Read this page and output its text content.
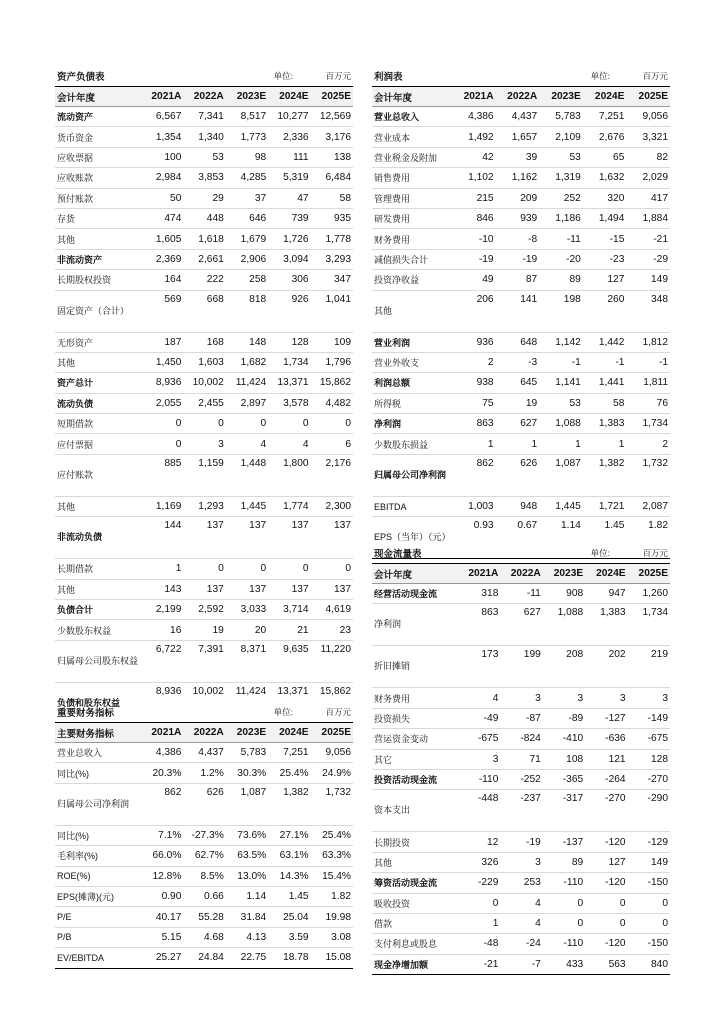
资产负债表	单位:	百万元
会计年度	2021A	2022A	2023E	2024E	2025E
流动资产	6,567	7,341	8,517	10,277	12,569
货币资金	1,354	1,340	1,773	2,336	3,176
应收票据	100	53	98	111	138
应收账款	2,984	3,853	4,285	5,319	6,484
预付账款	50	29	37	47	58
存货	474	448	646	739	935
其他	1,605	1,618	1,679	1,726	1,778
非流动资产	2,369	2,661	2,906	3,094	3,293
长期股权投资	164	222	258	306	347
固定资产（合计）	569	668	818	926	1,041
无形资产	187	168	148	128	109
其他	1,450	1,603	1,682	1,734	1,796
资产总计	8,936	10,002	11,424	13,371	15,862
流动负债	2,055	2,455	2,897	3,578	4,482
短期借款	0	0	0	0	0
应付票据	0	3	4	4	6
应付账款	885	1,159	1,448	1,800	2,176
其他	1,169	1,293	1,445	1,774	2,300
非流动负债	144	137	137	137	137
长期借款	1	0	0	0	0
其他	143	137	137	137	137
负债合计	2,199	2,592	3,033	3,714	4,619
少数股东权益	16	19	20	21	23
归属母公司股东权益	6,722	7,391	8,371	9,635	11,220
负债和股东权益	8,936	10,002	11,424	13,371	15,862
利润表	单位:	百万元
会计年度	2021A	2022A	2023E	2024E	2025E
营业总收入	4,386	4,437	5,783	7,251	9,056
营业成本	1,492	1,657	2,109	2,676	3,321
营业税金及附加	42	39	53	65	82
销售费用	1,102	1,162	1,319	1,632	2,029
管理费用	215	209	252	320	417
研发费用	846	939	1,186	1,494	1,884
财务费用	-10	-8	-11	-15	-21
减值损失合计	-19	-19	-20	-23	-29
投资净收益	49	87	89	127	149
其他	206	141	198	260	348
营业利润	936	648	1,142	1,442	1,812
营业外收支	2	-3	-1	-1	-1
利润总额	938	645	1,141	1,441	1,811
所得税	75	19	53	58	76
净利润	863	627	1,088	1,383	1,734
少数股东损益	1	1	1	1	2
归属母公司净利润	862	626	1,087	1,382	1,732
EBITDA	1,003	948	1,445	1,721	2,087
EPS（当年）（元）	0.93	0.67	1.14	1.45	1.82
现金流量表	单位:	百万元
会计年度	2021A	2022A	2023E	2024E	2025E
经营活动现金流	318	-11	908	947	1,260
净利润	863	627	1,088	1,383	1,734
折旧摊销	173	199	208	202	219
财务费用	4	3	3	3	3
投资损失	-49	-87	-89	-127	-149
营运资金变动	-675	-824	-410	-636	-675
其它	3	71	108	121	128
投资活动现金流	-110	-252	-365	-264	-270
资本支出	-448	-237	-317	-270	-290
长期投资	12	-19	-137	-120	-129
其他	326	3	89	127	149
筹资活动现金流	-229	253	-110	-120	-150
吸收投资	0	4	0	0	0
借款	1	4	0	0	0
支付利息或股息	-48	-24	-110	-120	-150
现金净增加额	-21	-7	433	563	840
重要财务指标	单位:	百万元
主要财务指标	2021A	2022A	2023E	2024E	2025E
营业总收入	4,386	4,437	5,783	7,251	9,056
同比(%)	20.3%	1.2%	30.3%	25.4%	24.9%
归属母公司净利润	862	626	1,087	1,382	1,732
同比(%)	7.1%	-27.3%	73.6%	27.1%	25.4%
毛利率(%)	66.0%	62.7%	63.5%	63.1%	63.3%
ROE(%)	12.8%	8.5%	13.0%	14.3%	15.4%
EPS(摊薄)(元)	0.90	0.66	1.14	1.45	1.82
P/E	40.17	55.28	31.84	25.04	19.98
P/B	5.15	4.68	4.13	3.59	3.08
EV/EBITDA	25.27	24.84	22.75	18.78	15.08
